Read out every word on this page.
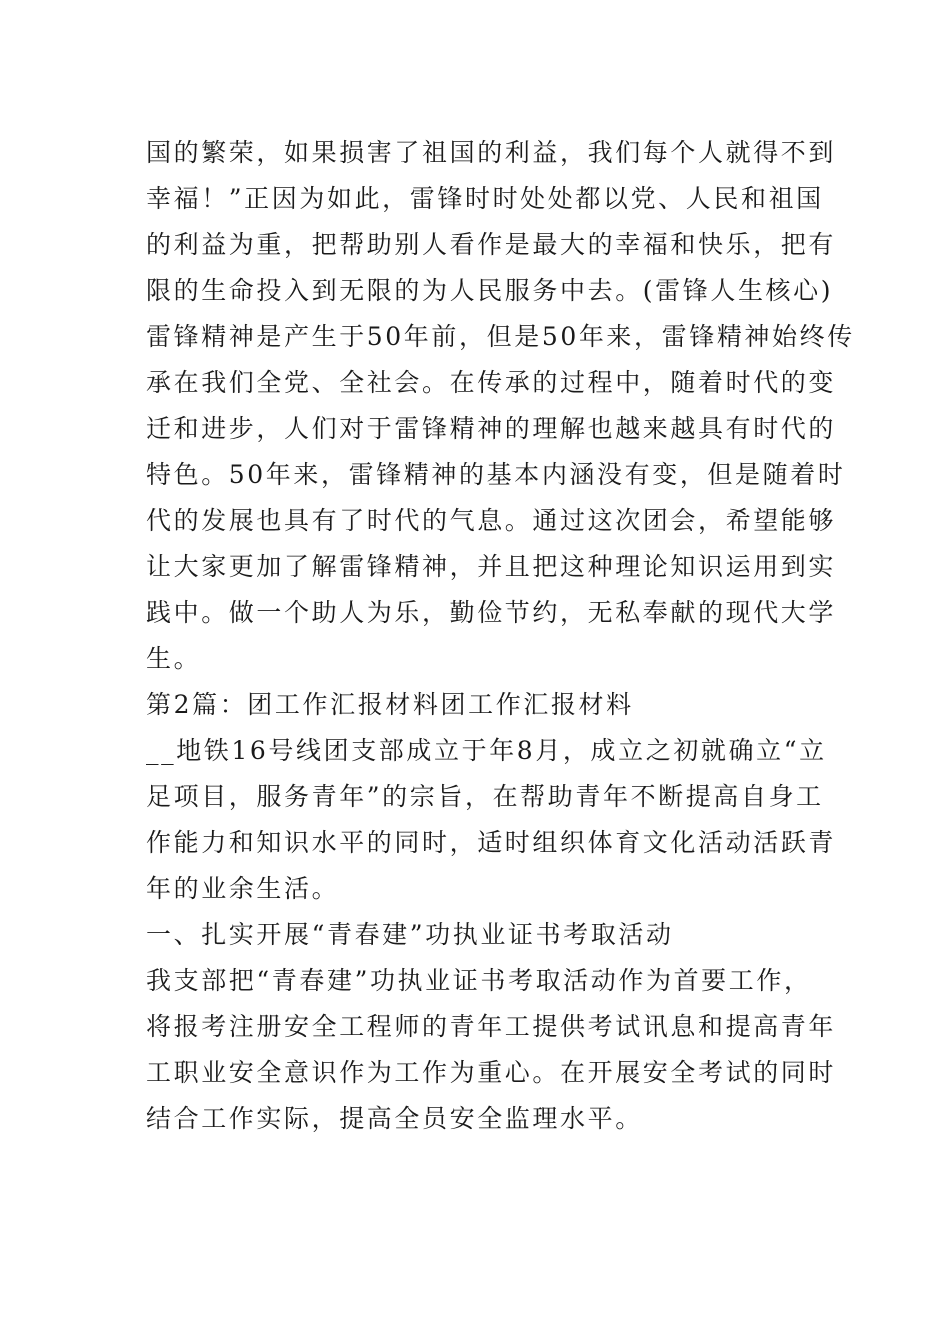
国的繁荣，如果损害了祖国的利益，我们每个人就得不到

幸福！”正因为如此，雷锋时时处处都以党、人民和祖国

的利益为重，把帮助别人看作是最大的幸福和快乐，把有

限的生命投入到无限的为人民服务中去。(雷锋人生核心)

雷锋精神是产生于50年前，但是50年来，雷锋精神始终传

承在我们全党、全社会。在传承的过程中，随着时代的变

迁和进步，人们对于雷锋精神的理解也越来越具有时代的

特色。50年来，雷锋精神的基本内涵没有变，但是随着时

代的发展也具有了时代的气息。通过这次团会，希望能够

让大家更加了解雷锋精神，并且把这种理论知识运用到实

践中。做一个助人为乐，勤俭节约，无私奉献的现代大学

生。

第2篇：团工作汇报材料团工作汇报材料

__地铁16号线团支部成立于年8月，成立之初就确立“立

足项目，服务青年”的宗旨，在帮助青年不断提高自身工

作能力和知识水平的同时，适时组织体育文化活动活跃青

年的业余生活。

一、扎实开展“青春建”功执业证书考取活动

我支部把“青春建”功执业证书考取活动作为首要工作，

将报考注册安全工程师的青年工提供考试讯息和提高青年

工职业安全意识作为工作为重心。在开展安全考试的同时

结合工作实际，提高全员安全监理水平。
